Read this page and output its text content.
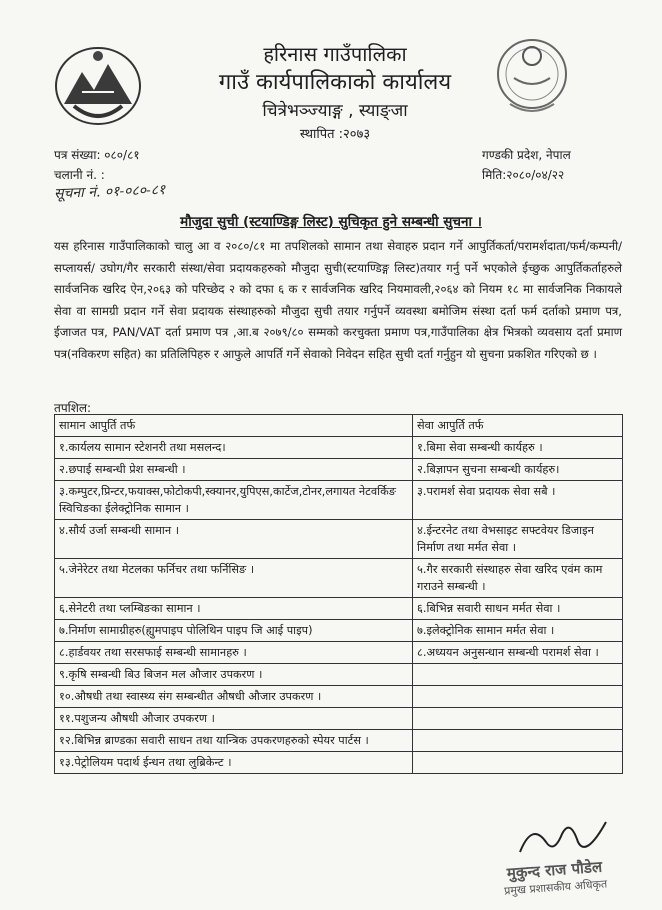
हरिनास गाउँपालिका
गाउँ कार्यपालिकाको कार्यालय
चित्रेभञ्ज्याङ्ग , स्याङ्जा
स्थापित :२०७३
पत्र संख्या: ०८०/८१
चलानी नं. :
गण्डकी प्रदेश, नेपाल
मिति:२०८०/०४/२२
सूचना नं. ०१-०८०-८१
मौजुदा सुची (स्टयाण्डिङ्ग लिस्ट) सुचिकृत हुने सम्बन्धी सुचना ।
यस हरिनास गाउँपालिकाको चालु आ व २०८०/८१ मा तपशिलको सामान तथा सेवाहरु प्रदान गर्ने आपुर्तिकर्ता/परामर्शदाता/फर्म/कम्पनी/सप्लायर्स/ उघोग/गैर सरकारी संस्था/सेवा प्रदायकहरुको मौजुदा सुची(स्टयाण्डिङ्ग लिस्ट)तयार गर्नु पर्ने भएकोले ईच्छुक आपुर्तिकर्ताहरुले सार्वजनिक खरिद ऐन,२०६३ को परिच्छेद २ को दफा ६ क र सार्वजनिक खरिद नियमावली,२०६४ को नियम १८ मा सार्वजनिक निकायले सेवा वा सामग्री प्रदान गर्ने सेवा प्रदायक संस्थाहरुको मौजुदा सुची तयार गर्नुपर्ने व्यवस्था बमोजिम संस्था दर्ता फर्म दर्ताको प्रमाण पत्र, ईजाजत पत्र, PAN/VAT दर्ता प्रमाण पत्र ,आ.ब २०७९/८० सम्मको करचुक्ता प्रमाण पत्र,गाउँपालिका क्षेत्र भित्रको व्यवसाय दर्ता प्रमाण पत्र(नविकरण सहित) का प्रतिलिपिहरु र आफुले आपर्ति गर्ने सेवाको निवेदन सहित सुची दर्ता गर्नुहुन यो सुचना प्रकशित गरिएको छ ।
तपशिल:
सामान आपुर्ति तर्फ	सेवा आपुर्ति तर्फ
१.कार्यलय सामान स्टेशनरी तथा मसलन्द।	१.बिमा सेवा सम्बन्धी कार्यहरु ।
२.छपाई सम्बन्धी प्रेश सम्बन्धी ।	२.बिज्ञापन सुचना सम्बन्धी कार्यहरु।
३.कम्पुटर,प्रिन्टर,फयाक्स,फोटोकपी,स्क्यानर,युपिएस,कार्टेज,टोनर,लगायत नेटवर्किङ स्विचिङका ईलेक्ट्रोनिक सामान ।	३.परामर्श सेवा प्रदायक सेवा सबै ।
४.सौर्य उर्जा सम्बन्धी सामान ।	४.ईन्टरनेट तथा वेभसाइट सफ्टवेयर डिजाइन निर्माण तथा मर्मत सेवा ।
५.जेनेरेटर तथा मेटलका फर्निचर तथा फर्निसिङ ।	५.गैर सरकारी संस्थाहरु सेवा खरिद एवंम काम गराउने सम्बन्धी ।
६.सेनेटरी तथा प्लम्बिङका सामान ।	६.बिभिन्न सवारी साधन मर्मत सेवा ।
७.निर्माण सामाग्रीहरु(ह्युमपाइप पोलिथिन पाइप जि आई पाइप)	७.इलेक्ट्रोनिक सामान मर्मत सेवा ।
८.हार्डवयर तथा सरसफाई सम्बन्धी सामानहरु ।	८.अध्ययन अनुसन्धान सम्बन्धी परामर्श सेवा ।
९.कृषि सम्बन्धी बिउ बिजन मल औजार उपकरण ।	
१०.औषधी तथा स्वास्थ्य संग सम्बन्धीत औषधी औजार उपकरण ।	
११.पशुजन्य औषधी औजार उपकरण ।	
१२.बिभिन्न ब्राण्डका सवारी साधन तथा यान्त्रिक उपकरणहरुको स्पेयर पार्टस ।	
१३.पेट्रोलियम पदार्थ ईन्धन तथा लुब्रिकेन्ट ।	
मुकुन्द राज पौडेल
प्रमुख प्रशासकीय अधिकृत
